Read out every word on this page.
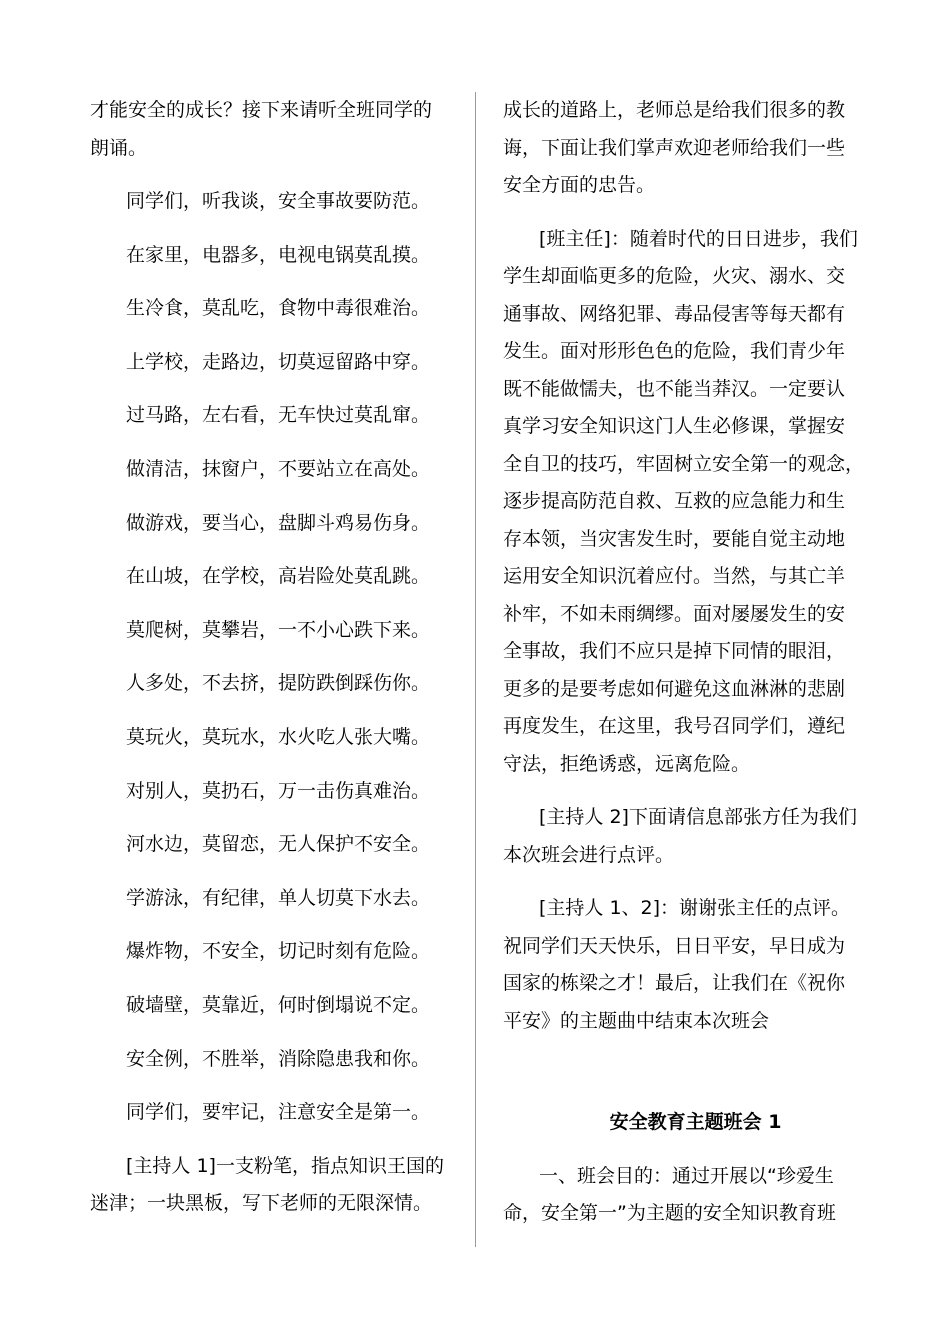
才能安全的成长？接下来请听全班同学的
朗诵。

同学们，听我谈，安全事故要防范。

在家里，电器多，电视电锅莫乱摸。

生冷食，莫乱吃，食物中毒很难治。

上学校，走路边，切莫逗留路中穿。

过马路，左右看，无车快过莫乱窜。

做清洁，抹窗户，不要站立在高处。

做游戏，要当心，盘脚斗鸡易伤身。

在山坡，在学校，高岩险处莫乱跳。

莫爬树，莫攀岩，一不小心跌下来。

人多处，不去挤，提防跌倒踩伤你。

莫玩火，莫玩水，水火吃人张大嘴。

对别人，莫扔石，万一击伤真难治。

河水边，莫留恋，无人保护不安全。

学游泳，有纪律，单人切莫下水去。

爆炸物，不安全，切记时刻有危险。

破墙壁，莫靠近，何时倒塌说不定。

安全例，不胜举，消除隐患我和你。

同学们，要牢记，注意安全是第一。

[主持人 1]一支粉笔，指点知识王国的
迷津；一块黑板，写下老师的无限深情。

成长的道路上，老师总是给我们很多的教
诲，下面让我们掌声欢迎老师给我们一些
安全方面的忠告。

[班主任]：随着时代的日日进步，我们
学生却面临更多的危险，火灾、溺水、交
通事故、网络犯罪、毒品侵害等每天都有
发生。面对形形色色的危险，我们青少年
既不能做懦夫，也不能当莽汉。一定要认
真学习安全知识这门人生必修课，掌握安
全自卫的技巧，牢固树立安全第一的观念，
逐步提高防范自救、互救的应急能力和生
存本领，当灾害发生时，要能自觉主动地
运用安全知识沉着应付。当然，与其亡羊
补牢，不如未雨绸缪。面对屡屡发生的安
全事故，我们不应只是掉下同情的眼泪，
更多的是要考虑如何避免这血淋淋的悲剧
再度发生，在这里，我号召同学们，遵纪
守法，拒绝诱惑，远离危险。

[主持人 2]下面请信息部张方任为我们
本次班会进行点评。

[主持人 1、2]：谢谢张主任的点评。
祝同学们天天快乐，日日平安，早日成为
国家的栋梁之才！最后，让我们在《祝你
平安》的主题曲中结束本次班会

安全教育主题班会 1

一、班会目的：通过开展以“珍爱生
命，安全第一”为主题的安全知识教育班
